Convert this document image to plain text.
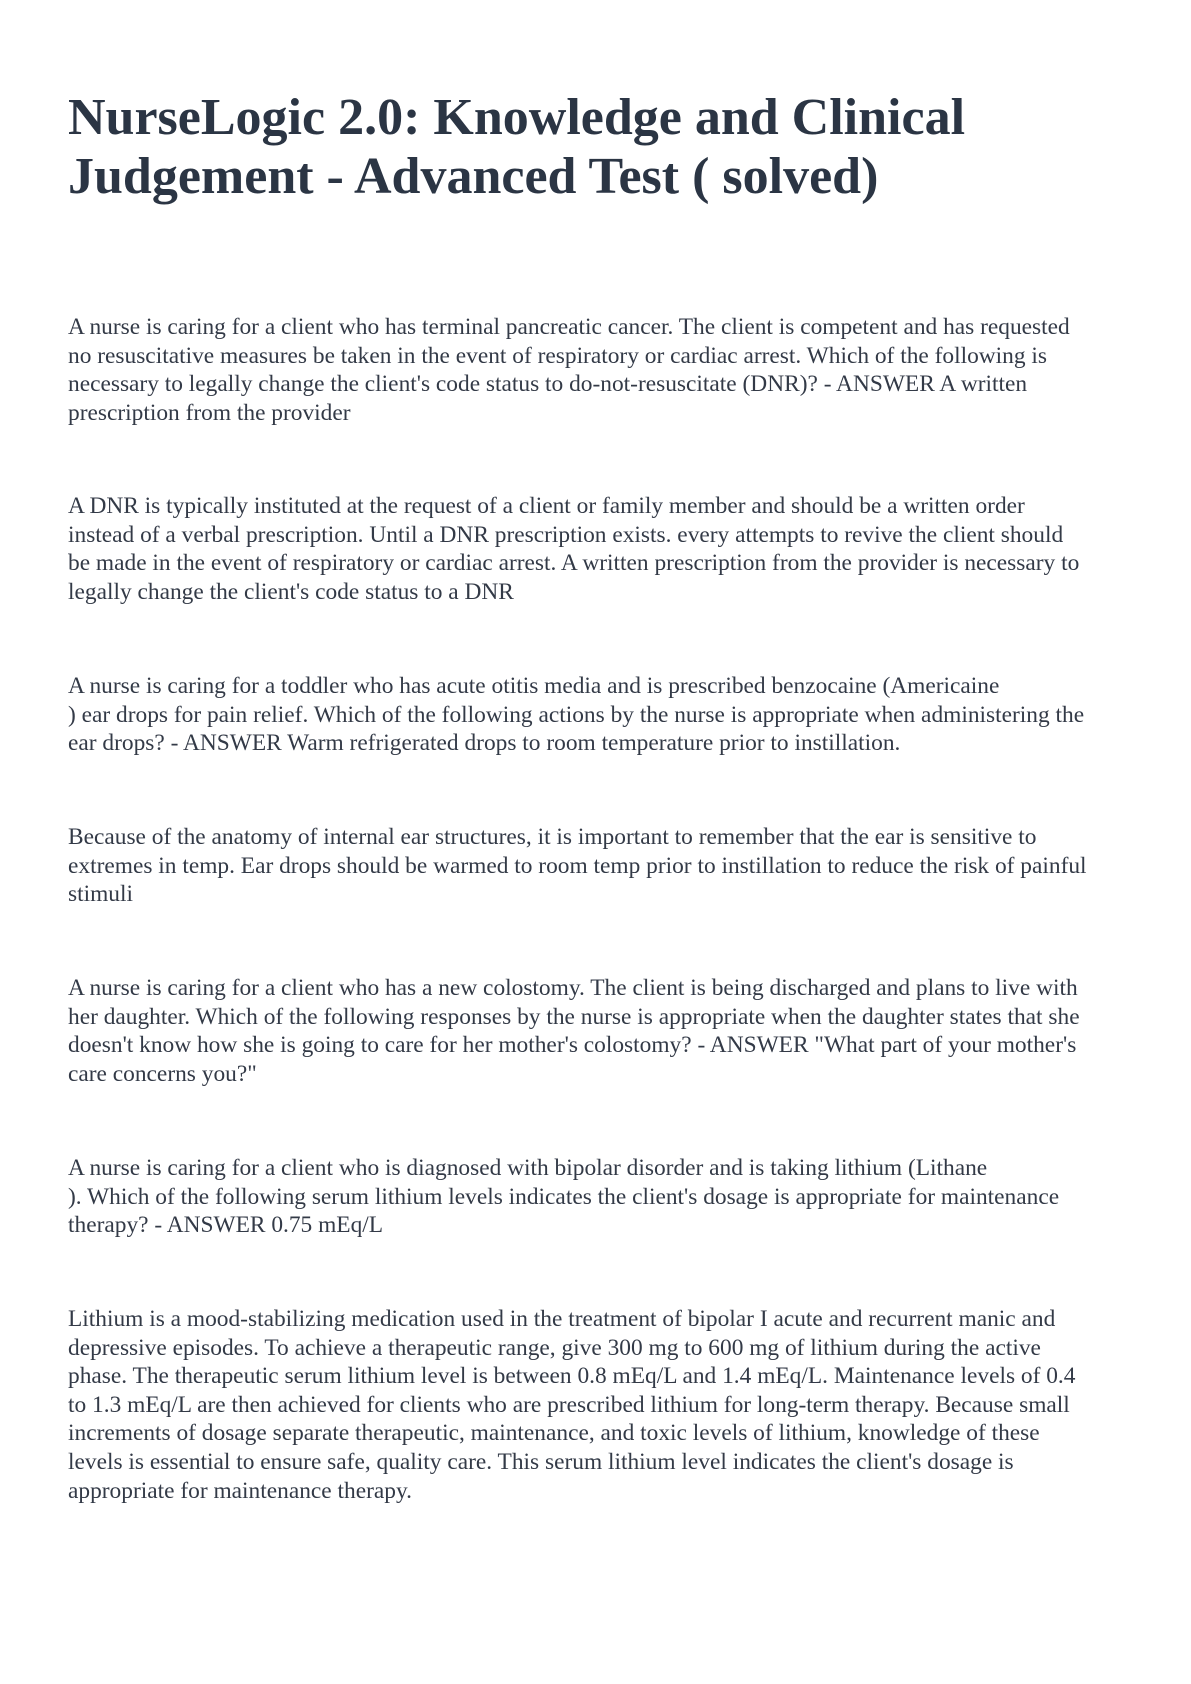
NurseLogic 2.0: Knowledge and Clinical
Judgement - Advanced Test ( solved)

A nurse is caring for a client who has terminal pancreatic cancer. The client is competent and has requested
no resuscitative measures be taken in the event of respiratory or cardiac arrest. Which of the following is
necessary to legally change the client's code status to do-not-resuscitate (DNR)? - ANSWER A written
prescription from the provider

A DNR is typically instituted at the request of a client or family member and should be a written order
instead of a verbal prescription. Until a DNR prescription exists. every attempts to revive the client should
be made in the event of respiratory or cardiac arrest. A written prescription from the provider is necessary to
legally change the client's code status to a DNR

A nurse is caring for a toddler who has acute otitis media and is prescribed benzocaine (Americaine
) ear drops for pain relief. Which of the following actions by the nurse is appropriate when administering the
ear drops? - ANSWER Warm refrigerated drops to room temperature prior to instillation.

Because of the anatomy of internal ear structures, it is important to remember that the ear is sensitive to
extremes in temp. Ear drops should be warmed to room temp prior to instillation to reduce the risk of painful
stimuli

A nurse is caring for a client who has a new colostomy. The client is being discharged and plans to live with
her daughter. Which of the following responses by the nurse is appropriate when the daughter states that she
doesn't know how she is going to care for her mother's colostomy? - ANSWER "What part of your mother's
care concerns you?"

A nurse is caring for a client who is diagnosed with bipolar disorder and is taking lithium (Lithane
). Which of the following serum lithium levels indicates the client's dosage is appropriate for maintenance
therapy? - ANSWER 0.75 mEq/L

Lithium is a mood-stabilizing medication used in the treatment of bipolar I acute and recurrent manic and
depressive episodes. To achieve a therapeutic range, give 300 mg to 600 mg of lithium during the active
phase. The therapeutic serum lithium level is between 0.8 mEq/L and 1.4 mEq/L. Maintenance levels of 0.4
to 1.3 mEq/L are then achieved for clients who are prescribed lithium for long-term therapy. Because small
increments of dosage separate therapeutic, maintenance, and toxic levels of lithium, knowledge of these
levels is essential to ensure safe, quality care. This serum lithium level indicates the client's dosage is
appropriate for maintenance therapy.
